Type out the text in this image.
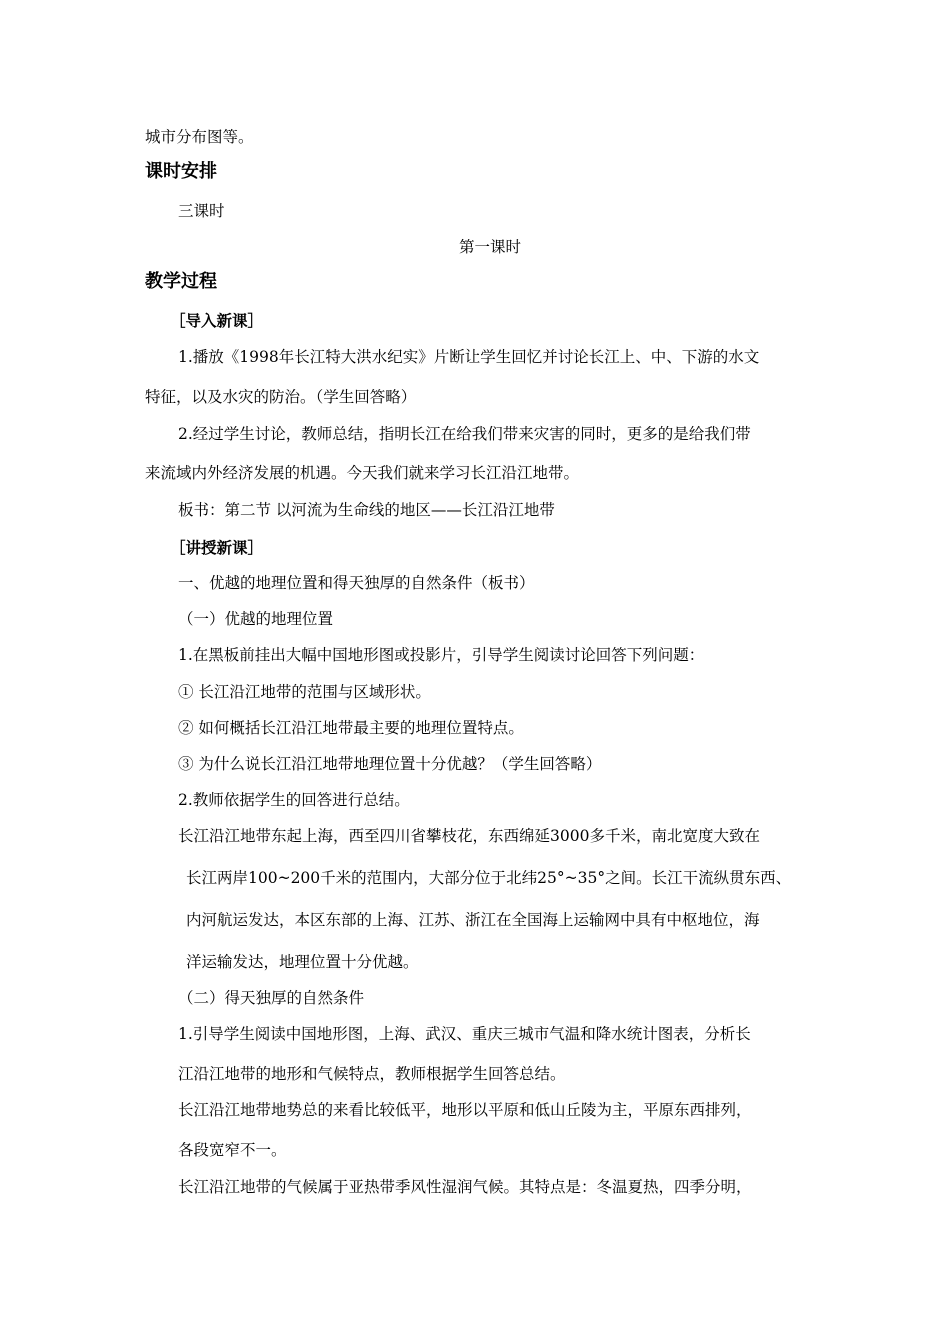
城市分布图等。
课时安排
三课时
第一课时
教学过程
［导入新课］
1.播放《1998年长江特大洪水纪实》片断让学生回忆并讨论长江上、中、下游的水文
特征，以及水灾的防治。（学生回答略）
2.经过学生讨论，教师总结，指明长江在给我们带来灾害的同时，更多的是给我们带
来流域内外经济发展的机遇。今天我们就来学习长江沿江地带。
板书：第二节 以河流为生命线的地区——长江沿江地带
［讲授新课］
一、优越的地理位置和得天独厚的自然条件（板书）
（一）优越的地理位置
1.在黑板前挂出大幅中国地形图或投影片，引导学生阅读讨论回答下列问题：
① 长江沿江地带的范围与区域形状。
② 如何概括长江沿江地带最主要的地理位置特点。
③ 为什么说长江沿江地带地理位置十分优越？（学生回答略）
2.教师依据学生的回答进行总结。
长江沿江地带东起上海，西至四川省攀枝花，东西绵延3000多千米，南北宽度大致在
长江两岸100~200千米的范围内，大部分位于北纬25°~35°之间。长江干流纵贯东西、
内河航运发达，本区东部的上海、江苏、浙江在全国海上运输网中具有中枢地位，海
洋运输发达，地理位置十分优越。
（二）得天独厚的自然条件
1.引导学生阅读中国地形图，上海、武汉、重庆三城市气温和降水统计图表，分析长
江沿江地带的地形和气候特点，教师根据学生回答总结。
长江沿江地带地势总的来看比较低平，地形以平原和低山丘陵为主，平原东西排列，
各段宽窄不一。
长江沿江地带的气候属于亚热带季风性湿润气候。其特点是：冬温夏热，四季分明，
